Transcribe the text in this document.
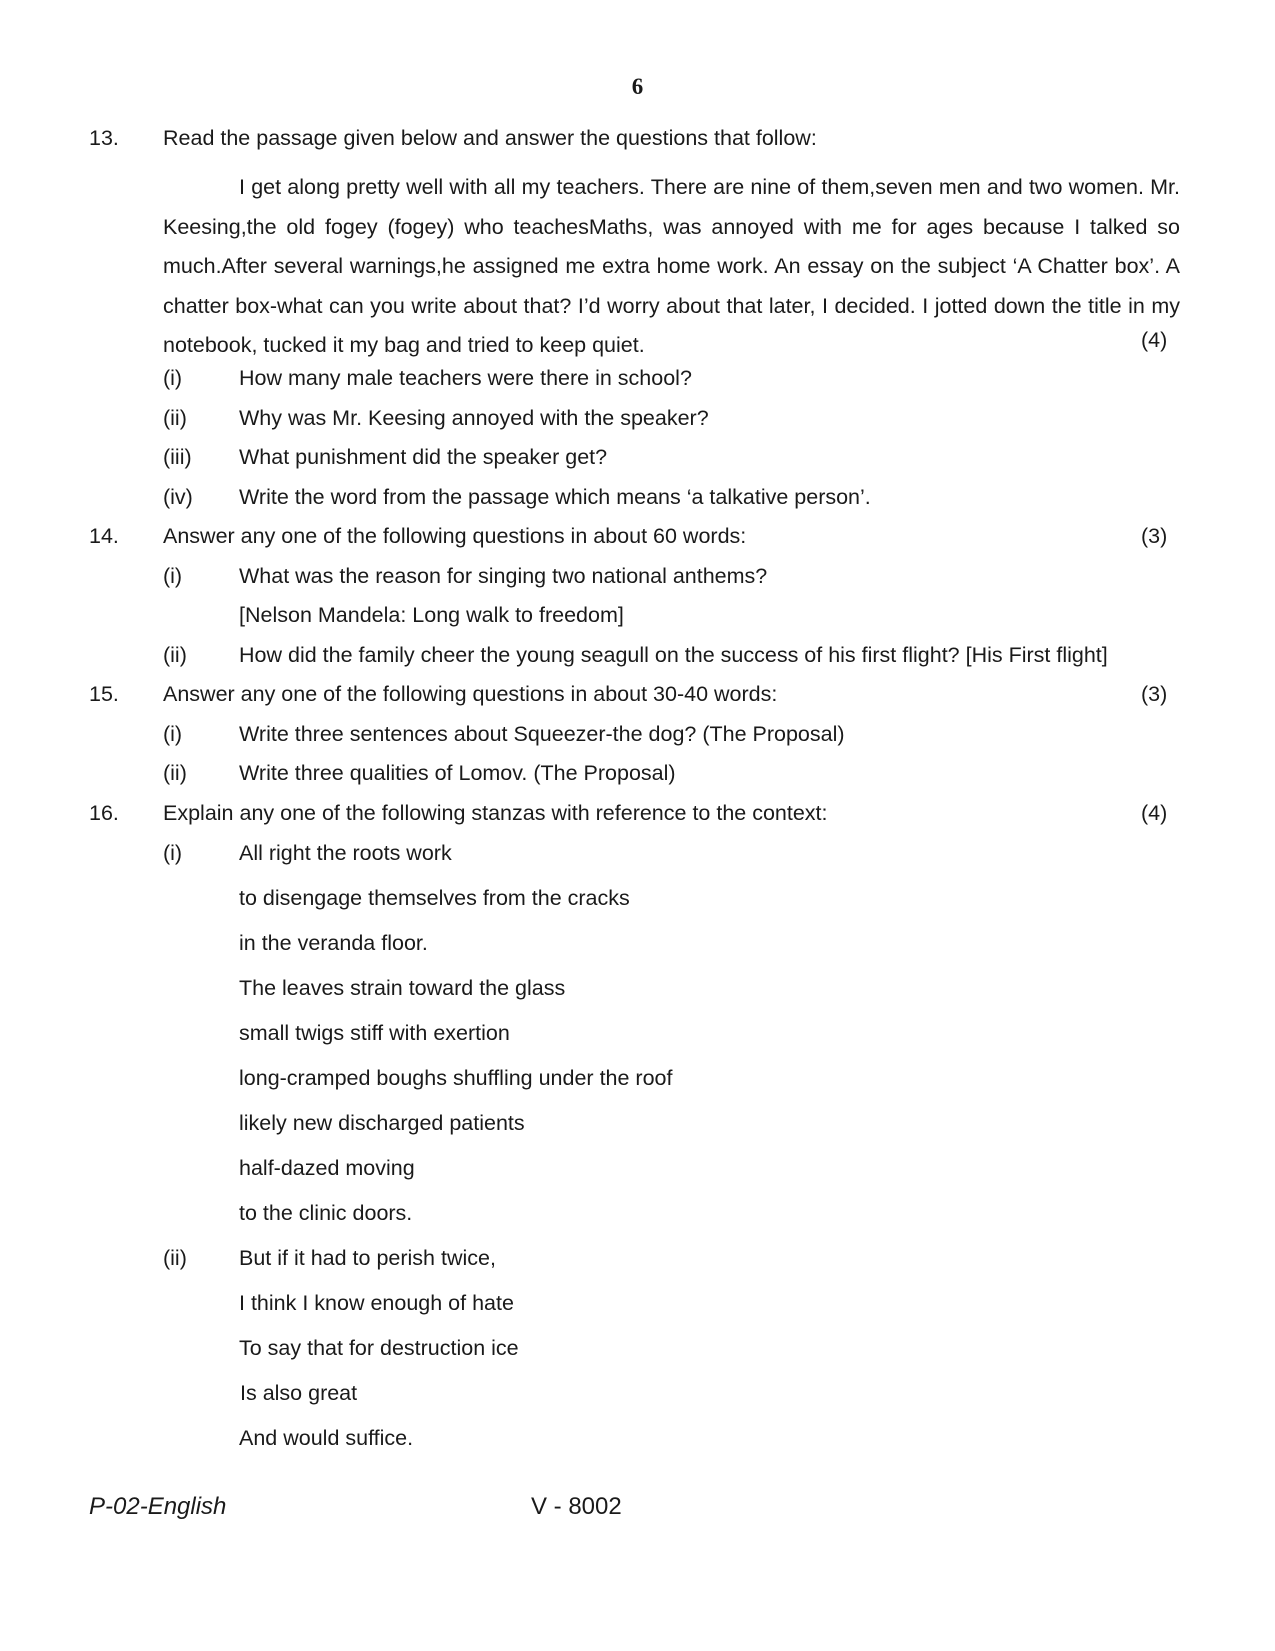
6
13. Read the passage given below and answer the questions that follow:
I get along pretty well with all my teachers. There are nine of them,seven men and two women. Mr. Keesing,the old fogey (fogey) who teachesMaths, was annoyed with me for ages because I talked so much.After several warnings,he assigned me extra home work. An essay on the subject ‘A Chatter box’. A chatter box-what can you write about that? I’d worry about that later, I decided. I jotted down the title in my notebook, tucked it my bag and tried to keep quiet.	(4)
(i)	How many male teachers were there in school?
(ii) Why was Mr. Keesing annoyed with the speaker?
(iii) What punishment did the speaker get?
(iv) Write the word from the passage which means ‘a talkative person’.
14. Answer any one of the following questions in about 60 words:	(3)
(i)	What was the reason for singing two national anthems?
[Nelson Mandela: Long walk to freedom]
(ii) How did the family cheer the young seagull on the success of his first flight? [His First flight]
15. Answer any one of the following questions in about 30-40 words:	(3)
(i)	Write three sentences about Squeezer-the dog? (The Proposal)
(ii) Write three qualities of Lomov. (The Proposal)
16. Explain any one of the following stanzas with reference to the context:	(4)
(i)	All right the roots work
to disengage themselves from the cracks
in the veranda floor.
The leaves strain toward the glass
small twigs stiff with exertion
long-cramped boughs shuffling under the roof
likely new discharged patients
half-dazed moving
to the clinic doors.
(ii) But if it had to perish twice,
I think I know enough of hate
To say that for destruction ice
Is also great
And would suffice.
P-02-English	V - 8002
